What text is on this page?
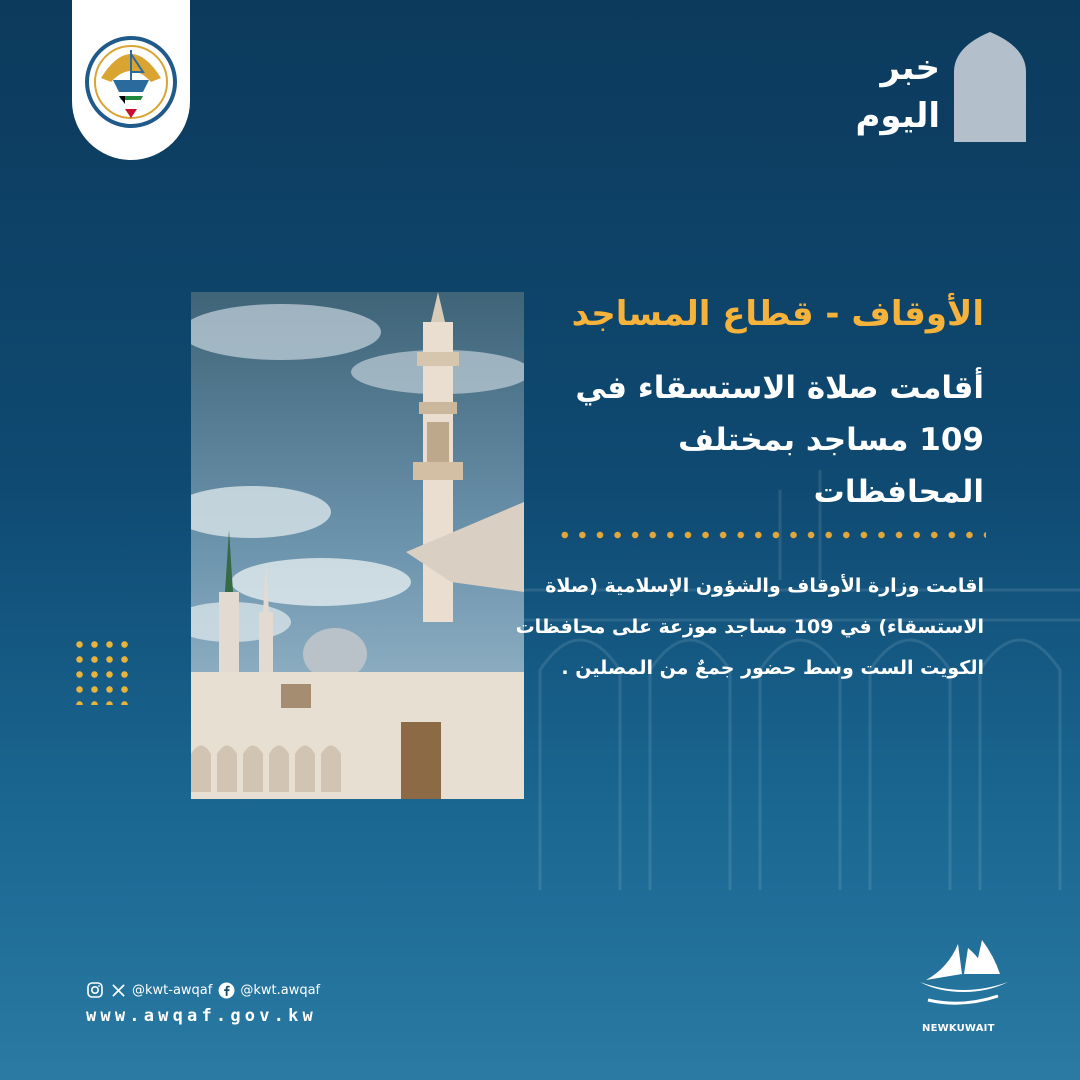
خبر
اليوم
الأوقاف - قطاع المساجد
أقامت صلاة الاستسقاء في 109 مساجد بمختلف المحافظات
اقامت وزارة الأوقاف والشؤون الإسلامية (صلاة الاستسقاء) في 109 مساجد موزعة على محافظات الكويت الست وسط حضور جمعٌ من المصلين .
@kwt-awqaf @kwt.awqaf
www.awqaf.gov.kw
NEWKUWAIT
